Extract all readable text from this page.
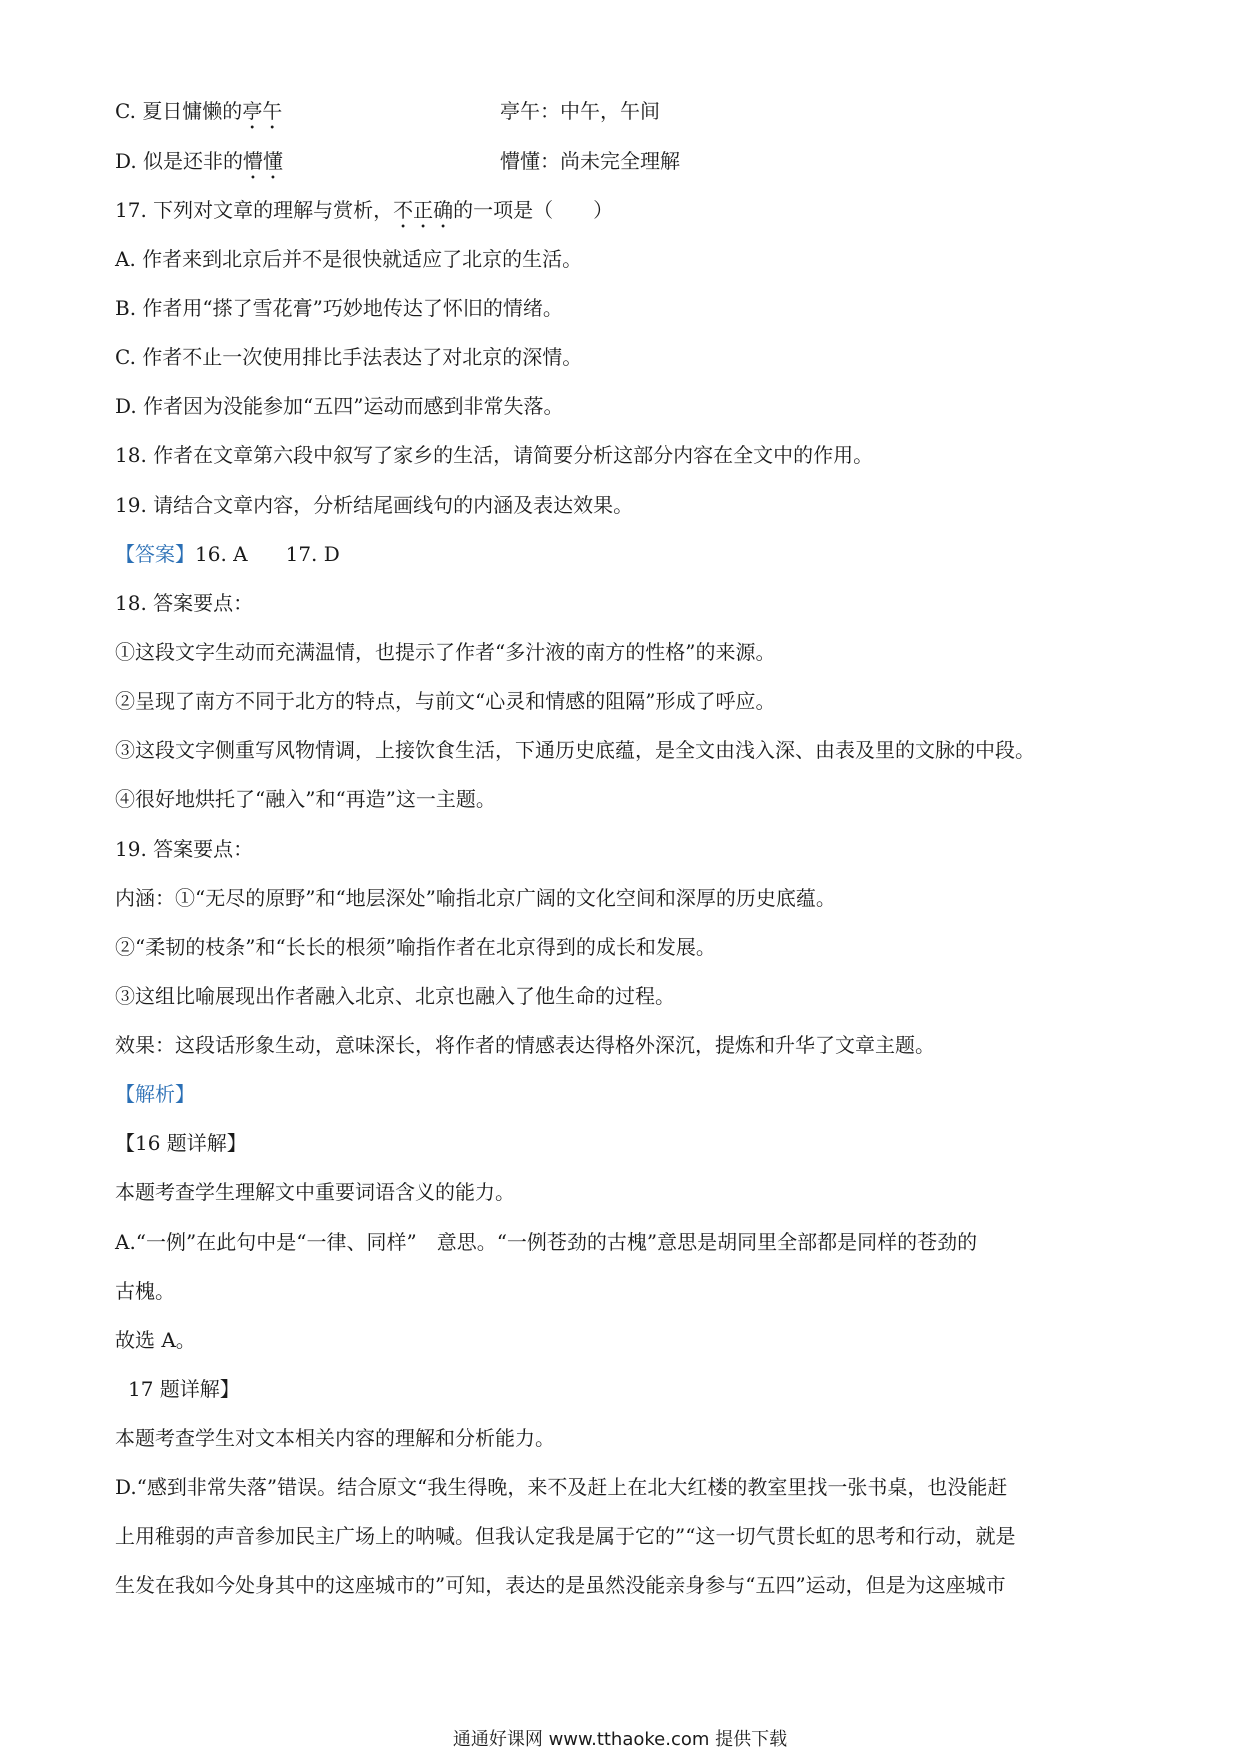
C. 夏日慵懒的亭午	亭午：中午，午间
D. 似是还非的懵懂	懵懂：尚未完全理解
17. 下列对文章的理解与赏析，不正确的一项是（　　）
A. 作者来到北京后并不是很快就适应了北京的生活。
B. 作者用“搽了雪花膏”巧妙地传达了怀旧的情绪。
C. 作者不止一次使用排比手法表达了对北京的深情。
D. 作者因为没能参加“五四”运动而感到非常失落。
18. 作者在文章第六段中叙写了家乡的生活，请简要分析这部分内容在全文中的作用。
19. 请结合文章内容，分析结尾画线句的内涵及表达效果。
【答案】16. A 17. D
18. 答案要点：
①这段文字生动而充满温情，也提示了作者“多汁液的南方的性格”的来源。
②呈现了南方不同于北方的特点，与前文“心灵和情感的阻隔”形成了呼应。
③这段文字侧重写风物情调，上接饮食生活，下通历史底蕴，是全文由浅入深、由表及里的文脉的中段。
④很好地烘托了“融入”和“再造”这一主题。
19. 答案要点：
内涵：①“无尽的原野”和“地层深处”喻指北京广阔的文化空间和深厚的历史底蕴。
②“柔韧的枝条”和“长长的根须”喻指作者在北京得到的成长和发展。
③这组比喻展现出作者融入北京、北京也融入了他生命的过程。
效果：这段话形象生动，意味深长，将作者的情感表达得格外深沉，提炼和升华了文章主题。
【解析】
【16 题详解】
本题考查学生理解文中重要词语含义的能力。
A.“一例”在此句中是“一律、同样”　意思。“一例苍劲的古槐”意思是胡同里全部都是同样的苍劲的
古槐。
故选 A。
17 题详解】
本题考查学生对文本相关内容的理解和分析能力。
D.“感到非常失落”错误。结合原文“我生得晚，来不及赶上在北大红楼的教室里找一张书桌，也没能赶
上用稚弱的声音参加民主广场上的呐喊。但我认定我是属于它的”“这一切气贯长虹的思考和行动，就是
生发在我如今处身其中的这座城市的”可知，表达的是虽然没能亲身参与“五四”运动，但是为这座城市
通通好课网 www.tthaoke.com 提供下载
